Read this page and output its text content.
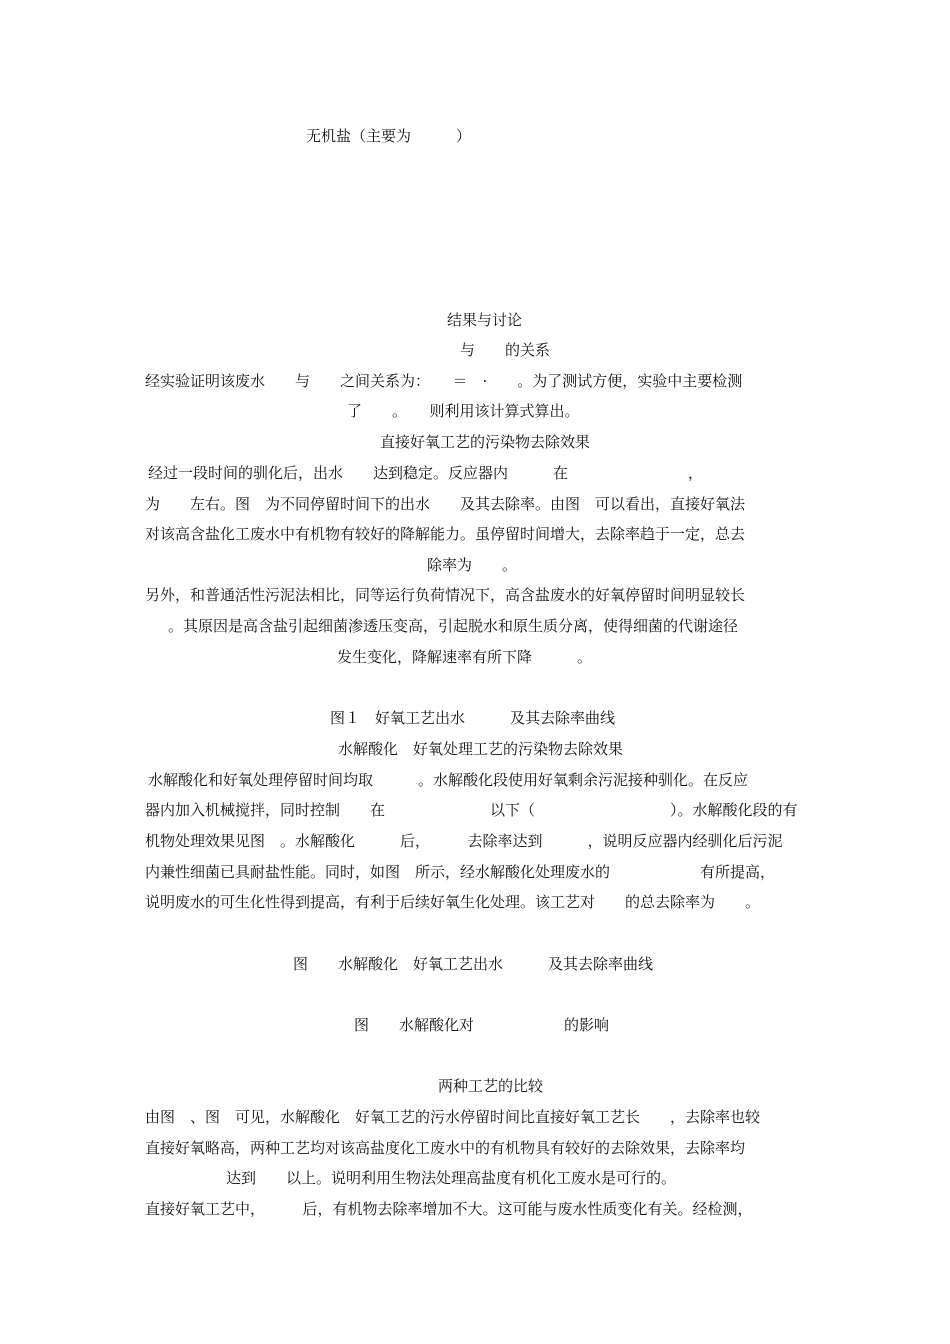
无机盐（主要为　　　）
结果与讨论
与　　的关系
经实验证明该废水　　与　　之间关系为：　　＝　·　　。为了测试方便，实验中主要检测
了　　。　　则利用该计算式算出。
直接好氧工艺的污染物去除效果
经过一段时间的驯化后，出水　　达到稳定。反应器内　　　在　　　　　　　　，
为　　左右。图　为不同停留时间下的出水　　及其去除率。由图　可以看出，直接好氧法
对该高含盐化工废水中有机物有较好的降解能力。虽停留时间增大，去除率趋于一定，总去
除率为　　。
另外，和普通活性污泥法相比，同等运行负荷情况下，高含盐废水的好氧停留时间明显较长
。其原因是高含盐引起细菌渗透压变高，引起脱水和原生质分离，使得细菌的代谢途径
发生变化，降解速率有所下降　　　。
图１　好氧工艺出水　　　及其去除率曲线
水解酸化　好氧处理工艺的污染物去除效果
水解酸化和好氧处理停留时间均取　　　。水解酸化段使用好氧剩余污泥接种驯化。在反应
器内加入机械搅拌，同时控制　　在　　　　　　　以下（　　　　　　　　　）。水解酸化段的有
机物处理效果见图　。水解酸化　　　后，　　　去除率达到　　　，说明反应器内经驯化后污泥
内兼性细菌已具耐盐性能。同时，如图　所示，经水解酸化处理废水的　　　　　　有所提高，
说明废水的可生化性得到提高，有利于后续好氧生化处理。该工艺对　　的总去除率为　　。
图　　水解酸化　好氧工艺出水　　　及其去除率曲线
图　　水解酸化对　　　　　　的影响
两种工艺的比较
由图　、图　可见，水解酸化　好氧工艺的污水停留时间比直接好氧工艺长　　，去除率也较
直接好氧略高，两种工艺均对该高盐度化工废水中的有机物具有较好的去除效果，去除率均
达到　　以上。说明利用生物法处理高盐度有机化工废水是可行的。
直接好氧工艺中，　　　后，有机物去除率增加不大。这可能与废水性质变化有关。经检测，
